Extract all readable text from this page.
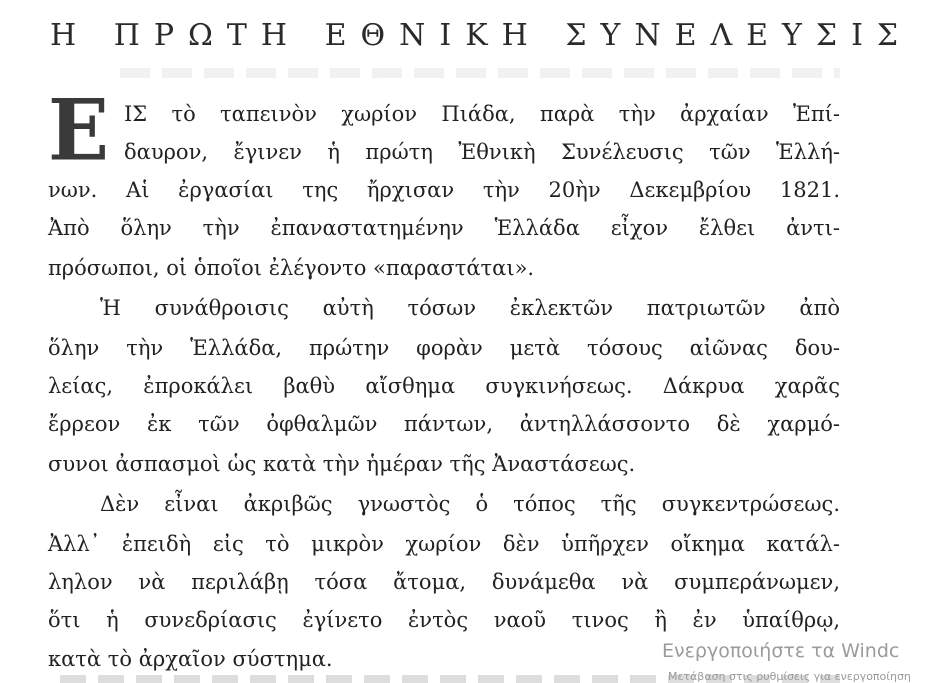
Η ΠΡΩΤΗ ΕΘΝΙΚΗ ΣΥΝΕΛΕΥΣΙΣ
E ΙΣ τὸ ταπεινὸν χωρίον Πιάδα, παρὰ τὴν ἀρχαίαν Ἐπί-
δαυρον, ἔγινεν ἡ πρώτη Ἐθνικὴ Συνέλευσις τῶν Ἑλλή-
νων. Αἱ ἐργασίαι της ἤρχισαν τὴν 20ὴν Δεκεμβρίου 1821.
Ἀπὸ ὅλην τὴν ἐπαναστατημένην Ἑλλάδα εἶχον ἔλθει ἀντι-
πρόσωποι, οἱ ὁποῖοι ἐλέγοντο «παραστάται».
Ἡ συνάθροισις αὐτὴ τόσων ἐκλεκτῶν πατριωτῶν ἀπὸ
ὅλην τὴν Ἑλλάδα, πρώτην φορὰν μετὰ τόσους αἰῶνας δου-
λείας, ἐπροκάλει βαθὺ αἴσθημα συγκινήσεως. Δάκρυα χαρᾶς
ἔρρεον ἐκ τῶν ὀφθαλμῶν πάντων, ἀντηλλάσσοντο δὲ χαρμό-
συνοι ἀσπασμοὶ ὡς κατὰ τὴν ἡμέραν τῆς Ἀναστάσεως.
Δὲν εἶναι ἀκριβῶς γνωστὸς ὁ τόπος τῆς συγκεντρώσεως.
Ἀλλ᾽ ἐπειδὴ εἰς τὸ μικρὸν χωρίον δὲν ὑπῆρχεν οἴκημα κατάλ-
ληλον νὰ περιλάβῃ τόσα ἄτομα, δυνάμεθα νὰ συμπεράνωμεν,
ὅτι ἡ συνεδρίασις ἐγίνετο ἐντὸς ναοῦ τινος ἢ ἐν ὑπαίθρῳ,
κατὰ τὸ ἀρχαῖον σύστημα.	Ενεργοποιήστε τα Windc
Μετάβαση στις ρυθμίσεις για ενεργοποίηση
